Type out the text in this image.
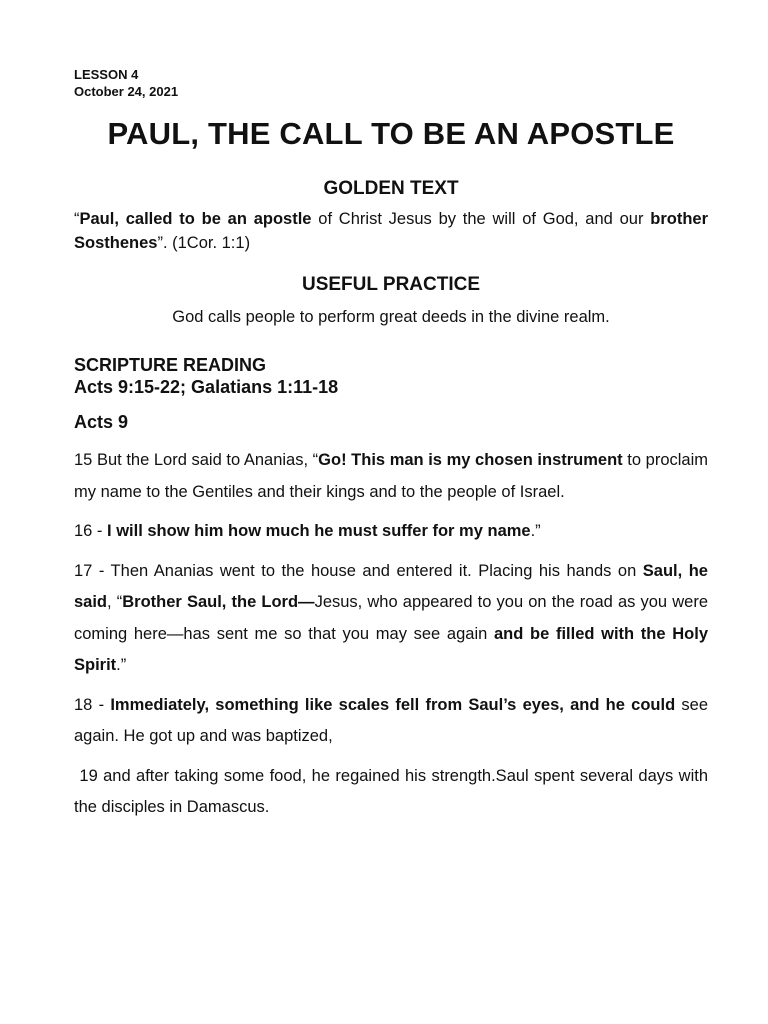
LESSON 4
October 24, 2021
PAUL, THE CALL TO BE AN APOSTLE
GOLDEN TEXT

“Paul, called to be an apostle of Christ Jesus by the will of God, and our brother Sosthenes”. (1Cor. 1:1)

USEFUL PRACTICE
God calls people to perform great deeds in the divine realm.
SCRIPTURE READING
Acts 9:15-22; Galatians 1:11-18
Acts 9

15 But the Lord said to Ananias, “Go! This man is my chosen instrument to proclaim my name to the Gentiles and their kings and to the people of Israel.

16 - I will show him how much he must suffer for my name.”

17 - Then Ananias went to the house and entered it. Placing his hands on Saul, he said, “Brother Saul, the Lord—Jesus, who appeared to you on the road as you were coming here—has sent me so that you may see again and be filled with the Holy Spirit.”

18 - Immediately, something like scales fell from Saul’s eyes, and he could see again. He got up and was baptized,

19 and after taking some food, he regained his strength.Saul spent several days with the disciples in Damascus.
